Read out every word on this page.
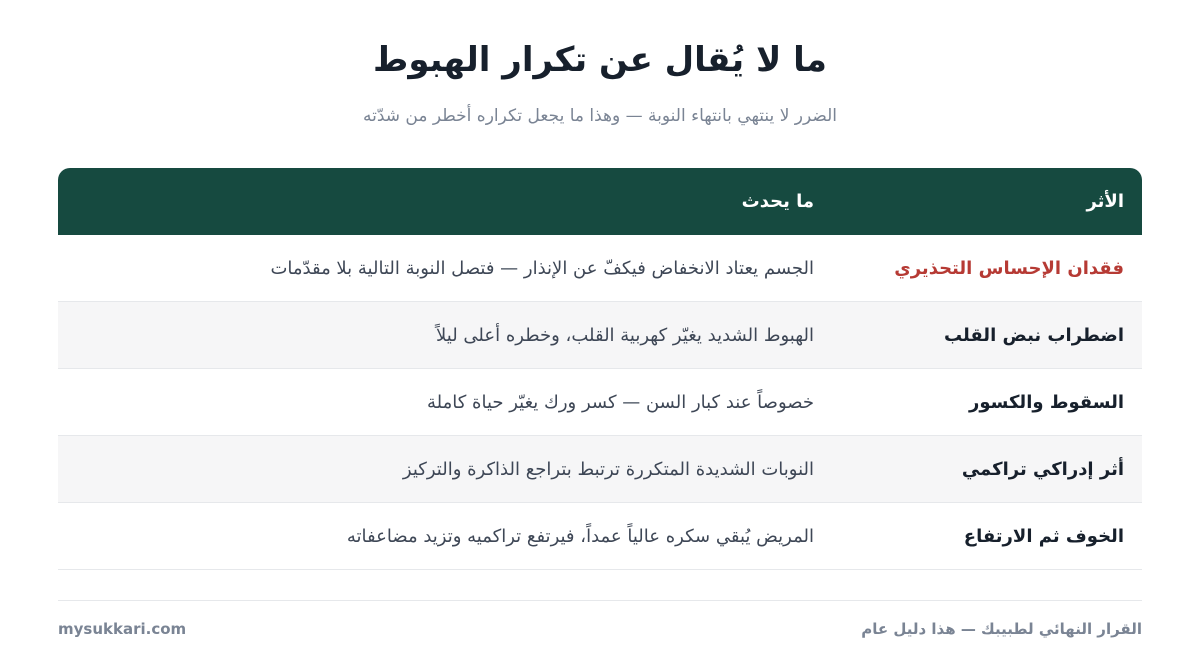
ما لا يُقال عن تكرار الهبوط

الضرر لا ينتهي بانتهاء النوبة — وهذا ما يجعل تكراره أخطر من شدّته

الأثر
ما يحدث
فقدان الإحساس التحذيري
الجسم يعتاد الانخفاض فيكفّ عن الإنذار — فتصل النوبة التالية بلا مقدّمات
اضطراب نبض القلب
الهبوط الشديد يغيّر كهربية القلب، وخطره أعلى ليلاً
السقوط والكسور
خصوصاً عند كبار السن — كسر ورك يغيّر حياة كاملة
أثر إدراكي تراكمي
النوبات الشديدة المتكررة ترتبط بتراجع الذاكرة والتركيز
الخوف ثم الارتفاع
المريض يُبقي سكره عالياً عمداً، فيرتفع تراكميه وتزيد مضاعفاته
القرار النهائي لطبيبك — هذا دليل عام
mysukkari.com
